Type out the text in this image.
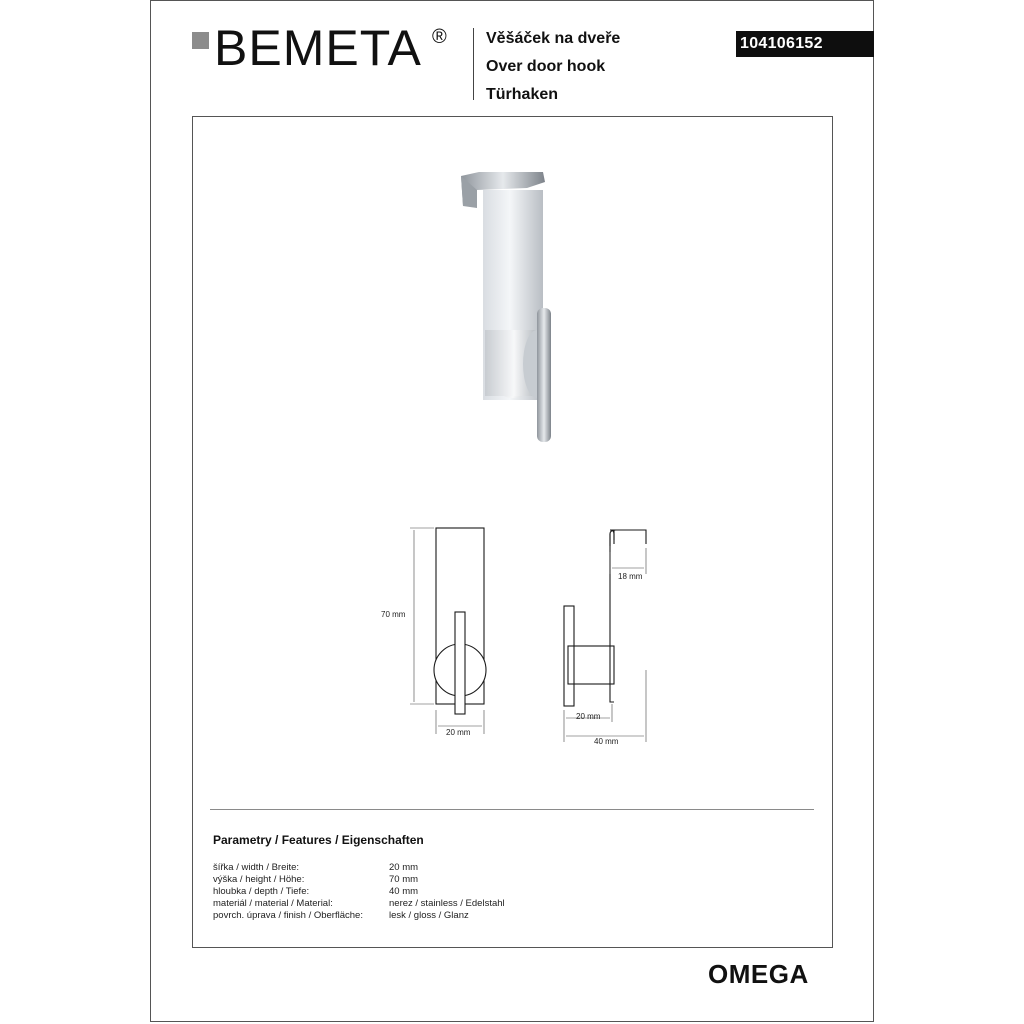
BEMETA ® Věšáček na dveře
Over door hook
Türhaken
104106152
70 mm
20 mm
18 mm
20 mm
40 mm
Parametry / Features / Eigenschaften
šířka / width / Breite:	20 mm
výška / height / Höhe:	70 mm
hloubka / depth / Tiefe:	40 mm
materiál / material / Material:	nerez / stainless / Edelstahl
povrch. úprava / finish / Oberfläche:	lesk / gloss / Glanz
OMEGA
